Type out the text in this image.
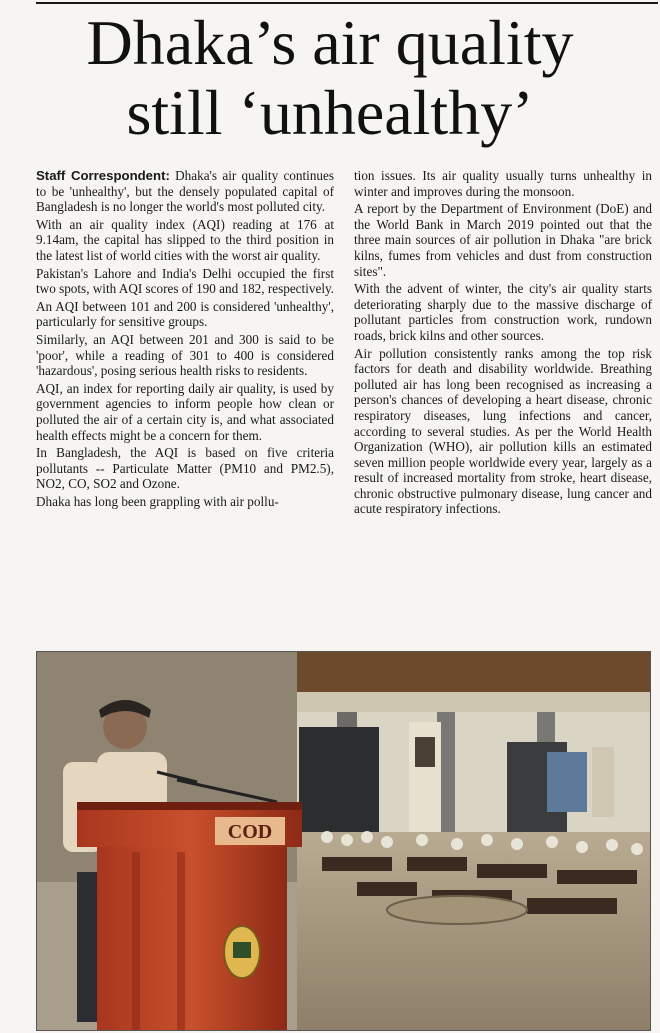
Dhaka’s air quality
still ‘unhealthy’

Staff Correspondent: Dhaka's air quality continues to be 'unhealthy', but the densely populated capital of Bangladesh is no longer the world's most polluted city.

With an air quality index (AQI) reading at 176 at 9.14am, the capital has slipped to the third position in the latest list of world cities with the worst air quality.

Pakistan's Lahore and India's Delhi occupied the first two spots, with AQI scores of 190 and 182, respectively.

An AQI between 101 and 200 is considered 'unhealthy', particularly for sensitive groups.

Similarly, an AQI between 201 and 300 is said to be 'poor', while a reading of 301 to 400 is considered 'hazardous', posing serious health risks to residents.

AQI, an index for reporting daily air quality, is used by government agencies to inform people how clean or polluted the air of a certain city is, and what associated health effects might be a concern for them.

In Bangladesh, the AQI is based on five criteria pollutants -- Particulate Matter (PM10 and PM2.5), NO2, CO, SO2 and Ozone.

Dhaka has long been grappling with air pollu-

tion issues. Its air quality usually turns unhealthy in winter and improves during the monsoon.

A report by the Department of Environment (DoE) and the World Bank in March 2019 pointed out that the three main sources of air pollution in Dhaka "are brick kilns, fumes from vehicles and dust from construction sites".

With the advent of winter, the city's air quality starts deteriorating sharply due to the massive discharge of pollutant particles from construction work, rundown roads, brick kilns and other sources.

Air pollution consistently ranks among the top risk factors for death and disability worldwide. Breathing polluted air has long been recognised as increasing a person's chances of developing a heart disease, chronic respiratory diseases, lung infections and cancer, according to several studies. As per the World Health Organization (WHO), air pollution kills an estimated seven million people worldwide every year, largely as a result of increased mortality from stroke, heart disease, chronic obstructive pulmonary disease, lung cancer and acute respiratory infections.

COD
